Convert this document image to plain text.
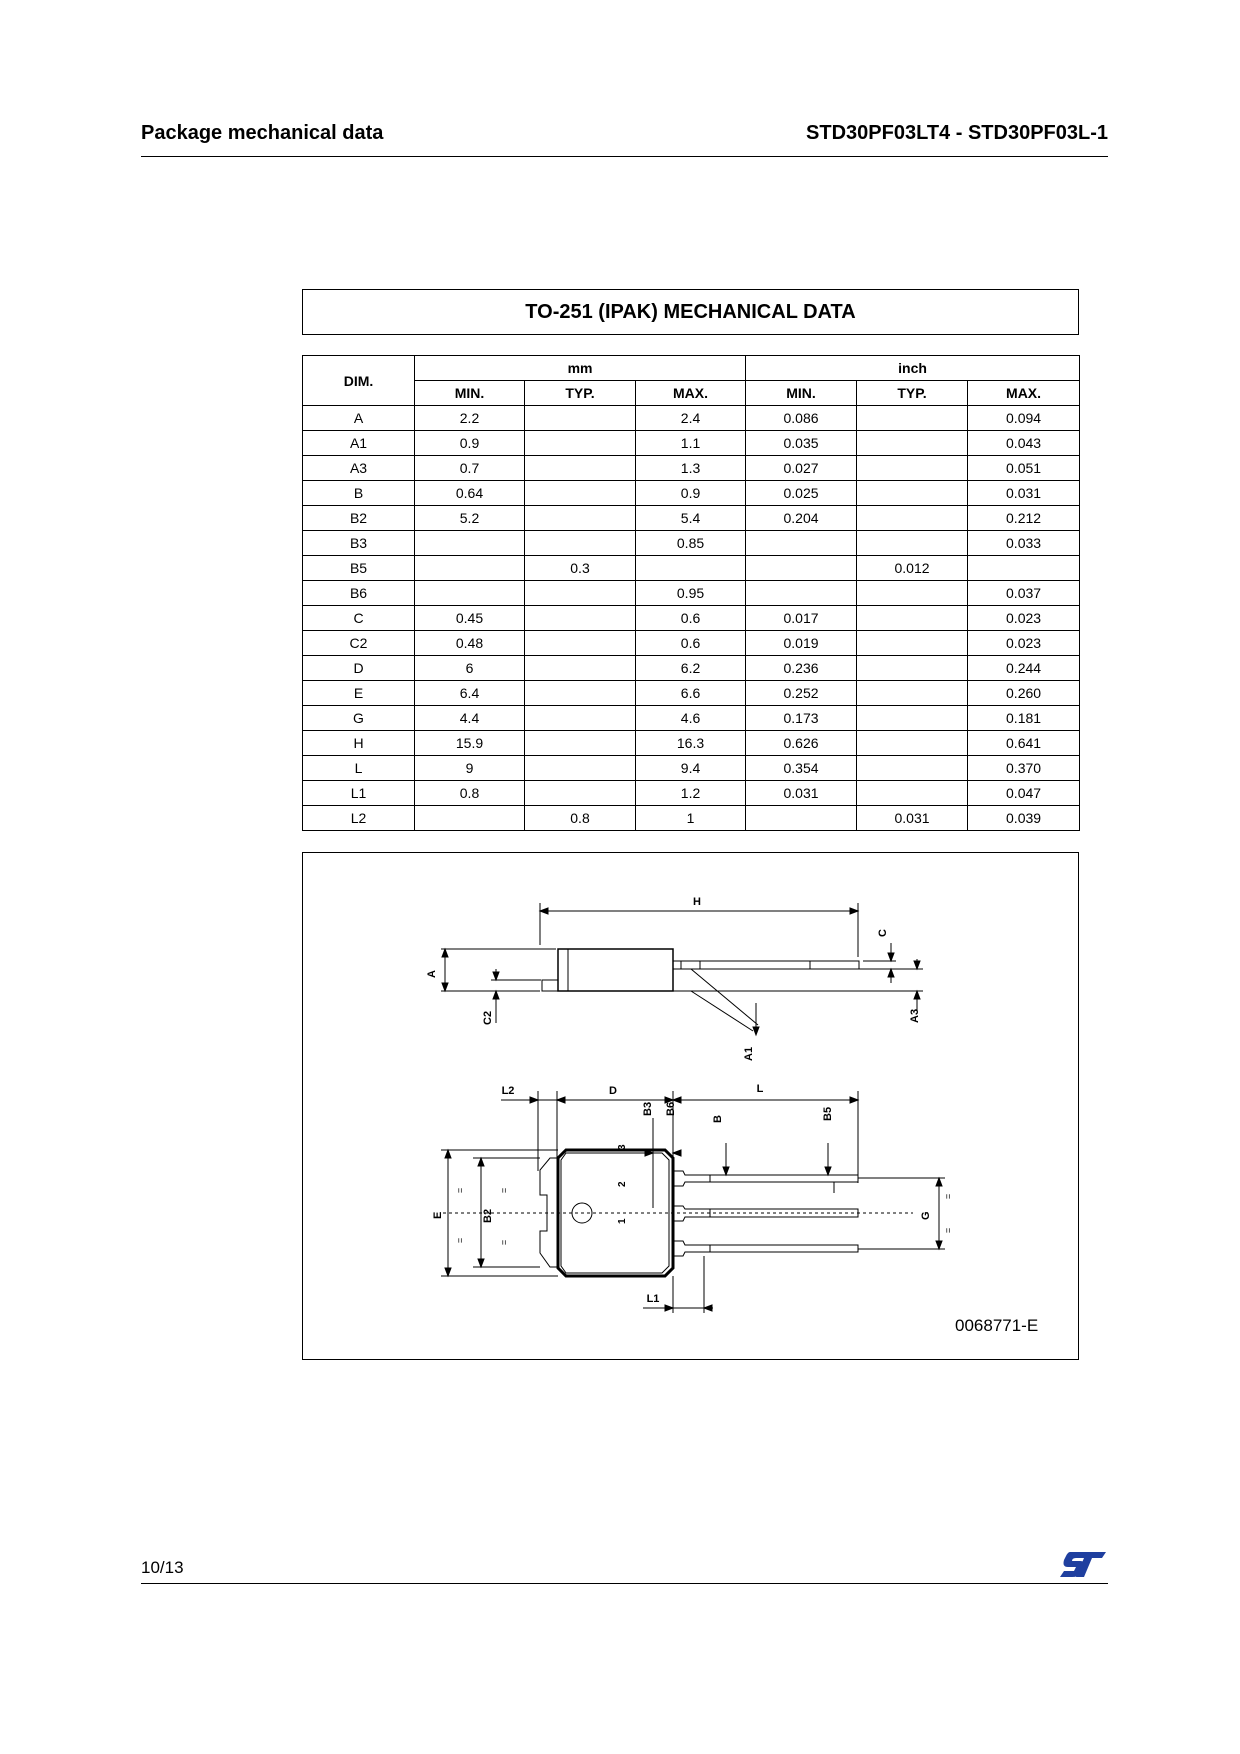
Package mechanical data	STD30PF03LT4 - STD30PF03L-1
TO-251 (IPAK) MECHANICAL DATA
DIM.	mm			inch		
	MIN.	TYP.	MAX.	MIN.	TYP.	MAX.
A	2.2		2.4	0.086		0.094
A1	0.9		1.1	0.035		0.043
A3	0.7		1.3	0.027		0.051
B	0.64		0.9	0.025		0.031
B2	5.2		5.4	0.204		0.212
B3			0.85			0.033
B5		0.3			0.012	
B6			0.95			0.037
C	0.45		0.6	0.017		0.023
C2	0.48		0.6	0.019		0.023
D	6		6.2	0.236		0.244
E	6.4		6.6	0.252		0.260
G	4.4		4.6	0.173		0.181
H	15.9		16.3	0.626		0.641
L	9		9.4	0.354		0.370
L1	0.8		1.2	0.031		0.047
L2		0.8	1		0.031	0.039
H
C
A3
A
C2
A1
L2	D	L
3
2
1
B3 B6
B	B5
E
=
=
B2
=
=
G
=
=
L1
0068771-E
10/13
